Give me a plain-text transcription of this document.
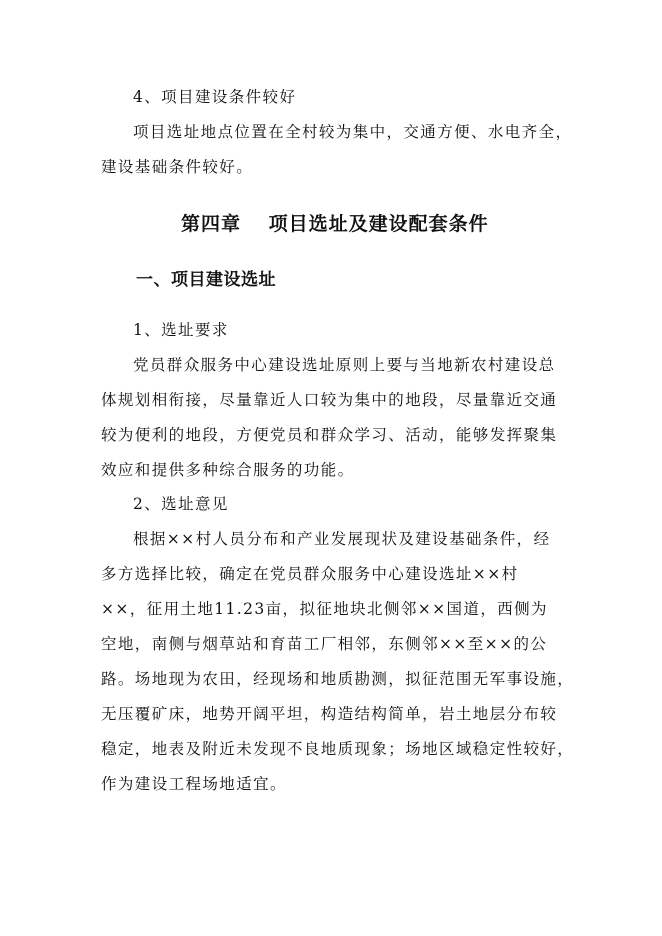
4、项目建设条件较好
项目选址地点位置在全村较为集中，交通方便、水电齐全，
建设基础条件较好。
第四章　 项目选址及建设配套条件
一、项目建设选址
1、选址要求
党员群众服务中心建设选址原则上要与当地新农村建设总
体规划相衔接，尽量靠近人口较为集中的地段，尽量靠近交通
较为便利的地段，方便党员和群众学习、活动，能够发挥聚集
效应和提供多种综合服务的功能。
2、选址意见
根据××村人员分布和产业发展现状及建设基础条件，经
多方选择比较，确定在党员群众服务中心建设选址××村
××，征用土地11.23亩，拟征地块北侧邻××国道，西侧为
空地，南侧与烟草站和育苗工厂相邻，东侧邻××至××的公
路。场地现为农田，经现场和地质勘测，拟征范围无军事设施，
无压覆矿床，地势开阔平坦，构造结构简单，岩土地层分布较
稳定，地表及附近未发现不良地质现象；场地区域稳定性较好，
作为建设工程场地适宜。
